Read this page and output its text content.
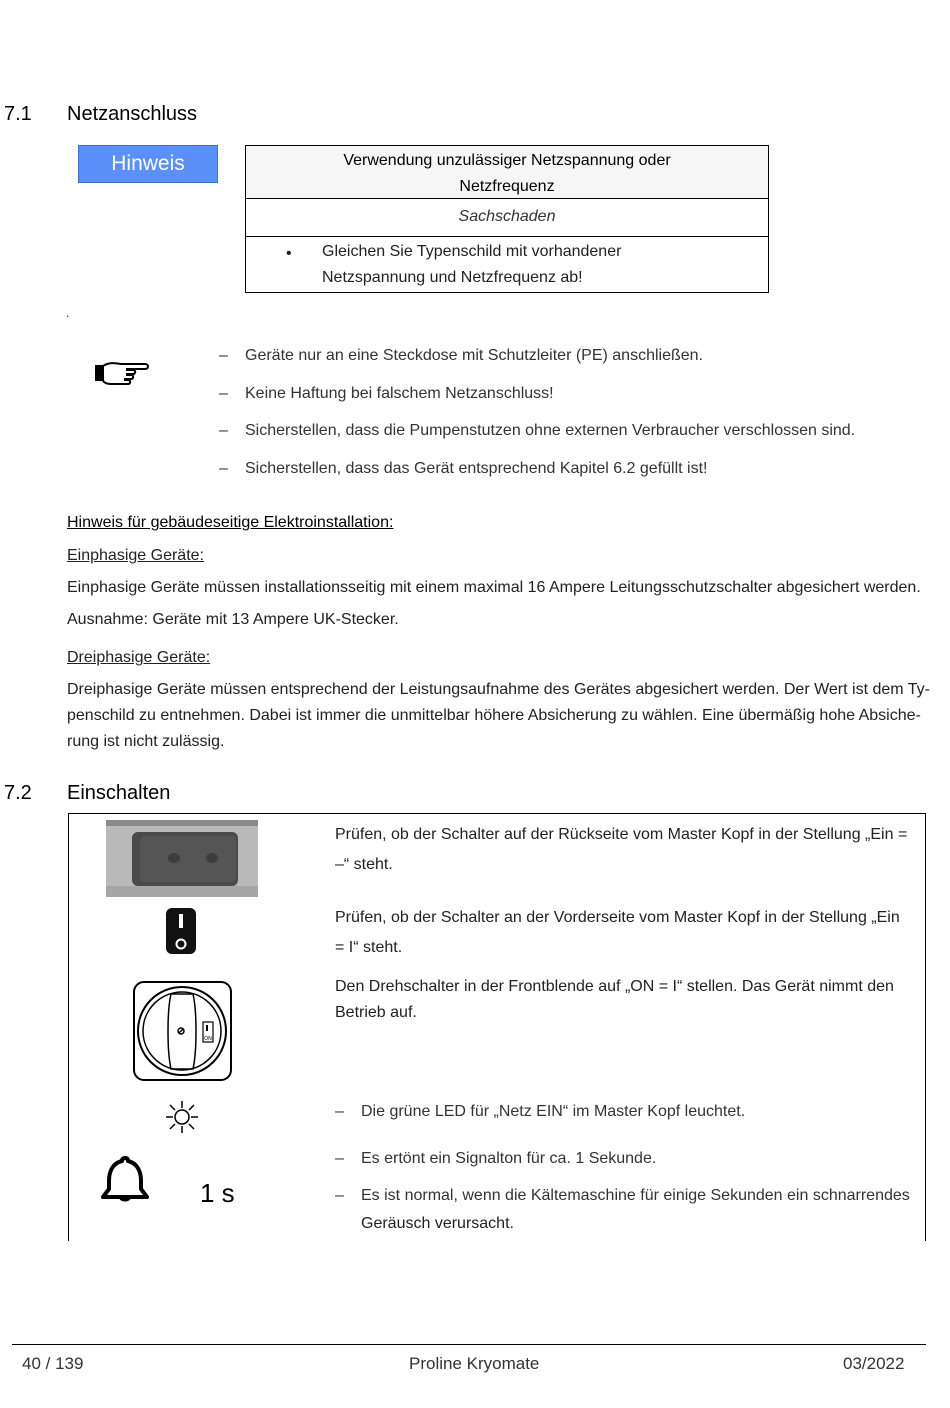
7.1 Netzanschluss
Hinweis	Verwendung unzulässiger Netzspannung oder
Netzfrequenz
Sachschaden
• Gleichen Sie Typenschild mit vorhandener
Netzspannung und Netzfrequenz ab!
.
– Geräte nur an eine Steckdose mit Schutzleiter (PE) anschließen.
– Keine Haftung bei falschem Netzanschluss!
– Sicherstellen, dass die Pumpenstutzen ohne externen Verbraucher verschlossen sind.
– Sicherstellen, dass das Gerät entsprechend Kapitel 6.2 gefüllt ist!
Hinweis für gebäudeseitige Elektroinstallation:
Einphasige Geräte:
Einphasige Geräte müssen installationsseitig mit einem maximal 16 Ampere Leitungsschutzschalter abgesichert werden.
Ausnahme: Geräte mit 13 Ampere UK-Stecker.
Dreiphasige Geräte:
Dreiphasige Geräte müssen entsprechend der Leistungsaufnahme des Gerätes abgesichert werden. Der Wert ist dem Ty-
penschild zu entnehmen. Dabei ist immer die unmittelbar höhere Absicherung zu wählen. Eine übermäßig hohe Absiche-
rung ist nicht zulässig.
7.2 Einschalten
ON
1 s
Prüfen, ob der Schalter auf der Rückseite vom Master Kopf in der Stellung „Ein =
–“ steht.
Prüfen, ob der Schalter an der Vorderseite vom Master Kopf in der Stellung „Ein
= I“ steht.
Den Drehschalter in der Frontblende auf „ON = I“ stellen. Das Gerät nimmt den
Betrieb auf.
– Die grüne LED für „Netz EIN“ im Master Kopf leuchtet.
– Es ertönt ein Signalton für ca. 1 Sekunde.
– Es ist normal, wenn die Kältemaschine für einige Sekunden ein schnarrendes
Geräusch verursacht.
40 / 139	Proline Kryomate	03/2022
